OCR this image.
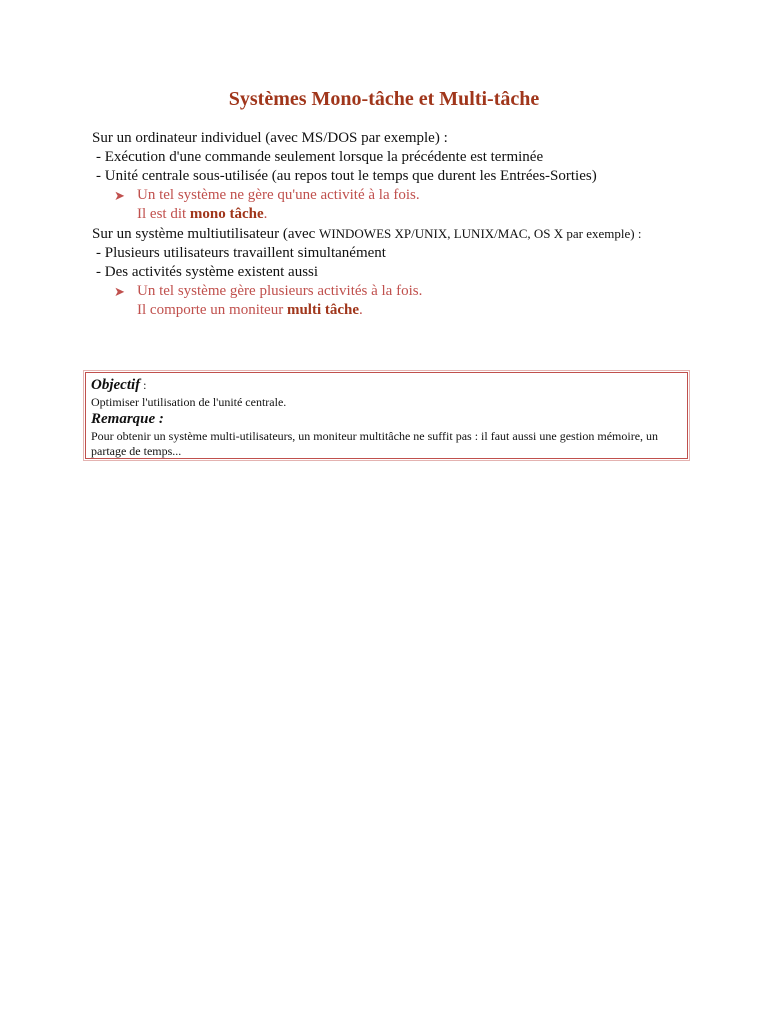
Systèmes Mono-tâche et Multi-tâche

Sur un ordinateur individuel (avec MS/DOS par exemple) :

- Exécution d'une commande seulement lorsque la précédente est terminée

- Unité centrale sous-utilisée (au repos tout le temps que durent les Entrées-Sorties)

➤ Un tel système ne gère qu'une activité à la fois.

Il est dit mono tâche.

Sur un système multiutilisateur (avec WINDOWES XP/UNIX, LUNIX/MAC, OS X par exemple) :

- Plusieurs utilisateurs travaillent simultanément

- Des activités système existent aussi

➤ Un tel système gère plusieurs activités à la fois.

Il comporte un moniteur multi tâche.

Objectif :

Optimiser l'utilisation de l'unité centrale.

Remarque :

Pour obtenir un système multi-utilisateurs, un moniteur multitâche ne suffit pas : il faut aussi une gestion mémoire, un partage de temps...
